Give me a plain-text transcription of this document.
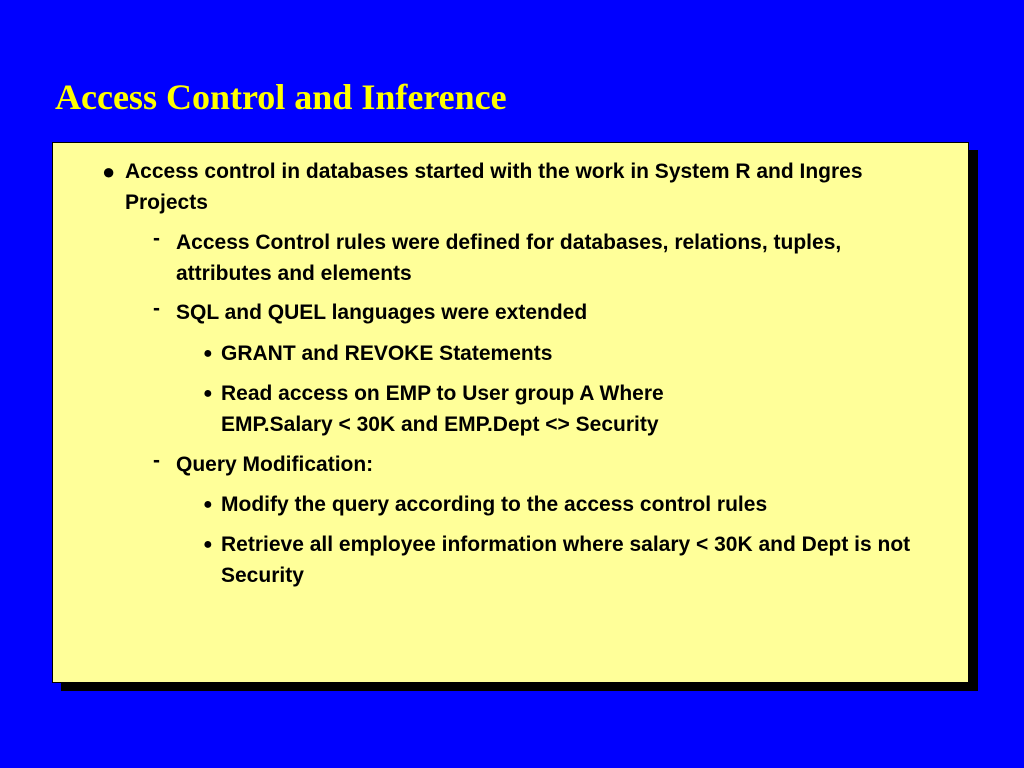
Access Control and Inference
● Access control in databases started with the work in System R and Ingres Projects
- Access Control rules were defined for databases, relations, tuples, attributes and elements
- SQL and QUEL languages were extended
● GRANT and REVOKE Statements
● Read access on EMP to User group A Where EMP.Salary < 30K and EMP.Dept <> Security
- Query Modification:
● Modify the query according to the access control rules
● Retrieve all employee information where salary < 30K and Dept is not Security
